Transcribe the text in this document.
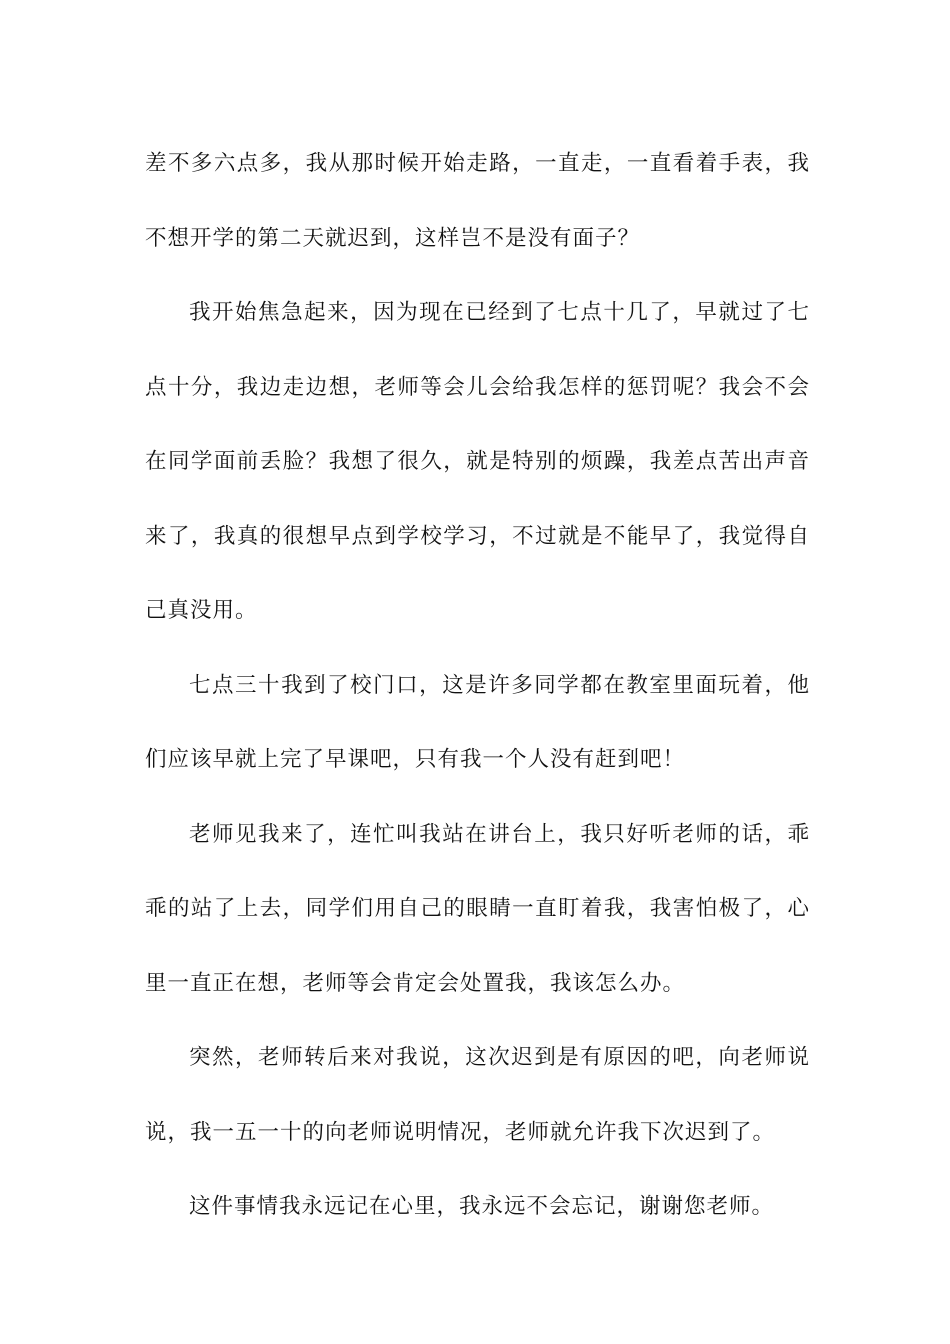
差不多六点多，我从那时候开始走路，一直走，一直看着手表，我不想开学的第二天就迟到，这样岂不是没有面子？

我开始焦急起来，因为现在已经到了七点十几了，早就过了七点十分，我边走边想，老师等会儿会给我怎样的惩罚呢？我会不会在同学面前丢脸？我想了很久，就是特别的烦躁，我差点苦出声音来了，我真的很想早点到学校学习，不过就是不能早了，我觉得自己真没用。

七点三十我到了校门口，这是许多同学都在教室里面玩着，他们应该早就上完了早课吧，只有我一个人没有赶到吧！

老师见我来了，连忙叫我站在讲台上，我只好听老师的话，乖乖的站了上去，同学们用自己的眼睛一直盯着我，我害怕极了，心里一直正在想，老师等会肯定会处置我，我该怎么办。

突然，老师转后来对我说，这次迟到是有原因的吧，向老师说说，我一五一十的向老师说明情况，老师就允许我下次迟到了。

这件事情我永远记在心里，我永远不会忘记，谢谢您老师。
